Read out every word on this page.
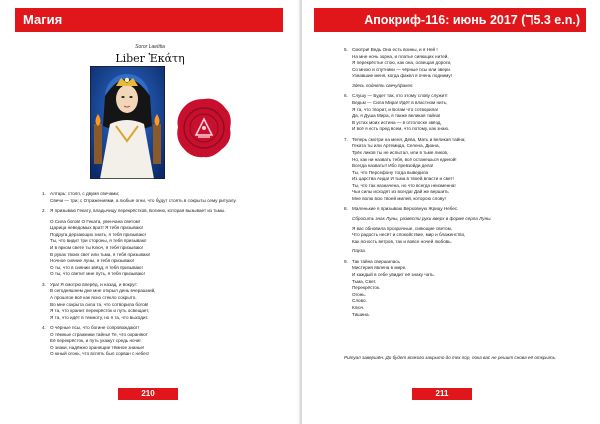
Магия
Soror Laetitia
Liber Ἑκάτη
1. Алтарь: столп, с двумя свечами;
Свечи — три; с Отражениями, а любые огни, что будут стоять в сокрыты сему ритуалу.
2. Я призываю Гекату, владычицу перекрёстков, Богиню, которая вызывает из тьмы.
О Сила богов! О Геката, увенчана светом!
Царица неведомых врат! Я тебя призываю!
Подруга дерзающих знать, я тебя призываю!
Ты, что видит три стороны, я тебя призываю!
И в ярком свете ты Ключ, я тебя призываю!
В руках твоих свет или тьма, я тебя призываю!
Ночное сияние луны, я тебя призываю!
О ты, что в сиянии звёзд, я тебя призываю!
О ты, что светит мне путь, я тебя призываю!
3. Ура! Я смотрю вперёд, и назад, и вокруг:
В сегодняшнем дне мне открыл день вчерашний,
А прошлое всё как ясно стекло сокрыто.
Во мне сокрыта сила та, что сотворила богов!
Я та, что хранит перекрёсток и путь освещает,
Я та, что идёт в темноту, но я та, что выходит.
4. О чёрные псы, что богине сопровождают!
О тёмные стражники тайны! Те, что охраняют
Её перекрёсток, и путь укажут средь ночи!
О знаки, надёжно хранящие тёмное знанье!
О юный огонь, что вспять был сорван с небес!
210
Апокриф-116: июнь 2017 (ℸ5.3 e.n.)
5. Смотри! Ведь Она есть воины, и я Ней !
На мне ночь зорна, и платье сияющих нитей,
Я перекрёстье стою, как она, освещая дороги,
Со мною и спутники — чёрные псы или звери.
Узнавшие меня, когда факел я очень подниму!
Здесь поднять свечу/факел.
6. Слушу — Будет так, кто этому слову служит!
Ведьм — Сила Мира! Идёт в властном нить,
Я та, что творит, и Богам что сотворила!
Да, я Душа Мира, я также великая тайна!
В устах моих истина — в отголоске звёзд,
И всё я есть пред всем, что потому, как знаю.
7. Теперь смотри на меня, Дева, Мать и великая тайна;
Геката ты или Артемида, Селена, Диана,
Трёх ликов ты не испытал, или в тьме ликов,
Но, как ни назвать тебя, всё останешься единой!
Всегда назвать!! Ибо превзойди дела!
Ты, что Персефону тогда выведила
Из царства Аида! И тьма в твоей власти и свет!
Ты, что так назначена, но что всегда неизменна!
Чьи силы исходят из всегда! Дай же вершить
Мне волю всю твоей милей, которою слову!
8. Маленькие я призываю Верховную Жрицу Небес.
Сбросить знак Луны, развести руки вверх в форме серпа Луны.
Я вас обновила прозрачные, сияющие светом,
Что радость несёт и спокойствие, мир и блаженство,
Как ясность ветров, так и вовсе ночей любовь.
Пауза.
9. Так тайна свершилась
Мистерия явлена в мире.
И каждый в себе увидит её знаку чать.
Тьма, Свет.
Перекрёсток.
Огонь.
Слово.
Ключ.
Тишина.
Ритуал завершён. До будет всякого закрыто до тех пор, пока вас не решит снова её открыть.
211
